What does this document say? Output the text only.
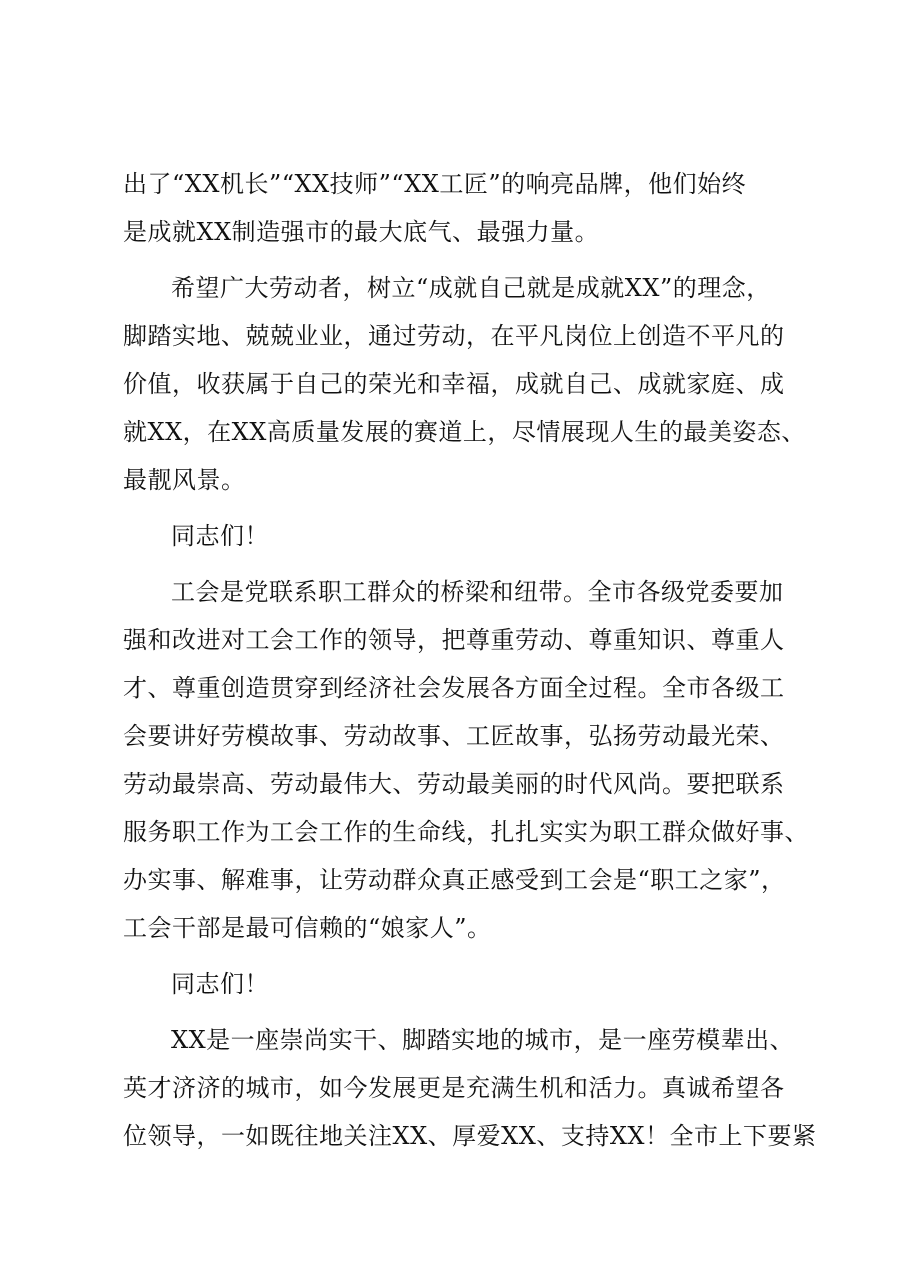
出了“XX机长”“XX技师”“XX工匠”的响亮品牌，他们始终
是成就XX制造强市的最大底气、最强力量。
希望广大劳动者，树立“成就自己就是成就XX”的理念，
脚踏实地、兢兢业业，通过劳动，在平凡岗位上创造不平凡的
价值，收获属于自己的荣光和幸福，成就自己、成就家庭、成
就XX，在XX高质量发展的赛道上，尽情展现人生的最美姿态、
最靓风景。
同志们！
工会是党联系职工群众的桥梁和纽带。全市各级党委要加
强和改进对工会工作的领导，把尊重劳动、尊重知识、尊重人
才、尊重创造贯穿到经济社会发展各方面全过程。全市各级工
会要讲好劳模故事、劳动故事、工匠故事，弘扬劳动最光荣、
劳动最崇高、劳动最伟大、劳动最美丽的时代风尚。要把联系
服务职工作为工会工作的生命线，扎扎实实为职工群众做好事、
办实事、解难事，让劳动群众真正感受到工会是“职工之家”，
工会干部是最可信赖的“娘家人”。
同志们！
XX是一座崇尚实干、脚踏实地的城市，是一座劳模辈出、
英才济济的城市，如今发展更是充满生机和活力。真诚希望各
位领导，一如既往地关注XX、厚爱XX、支持XX！全市上下要紧
